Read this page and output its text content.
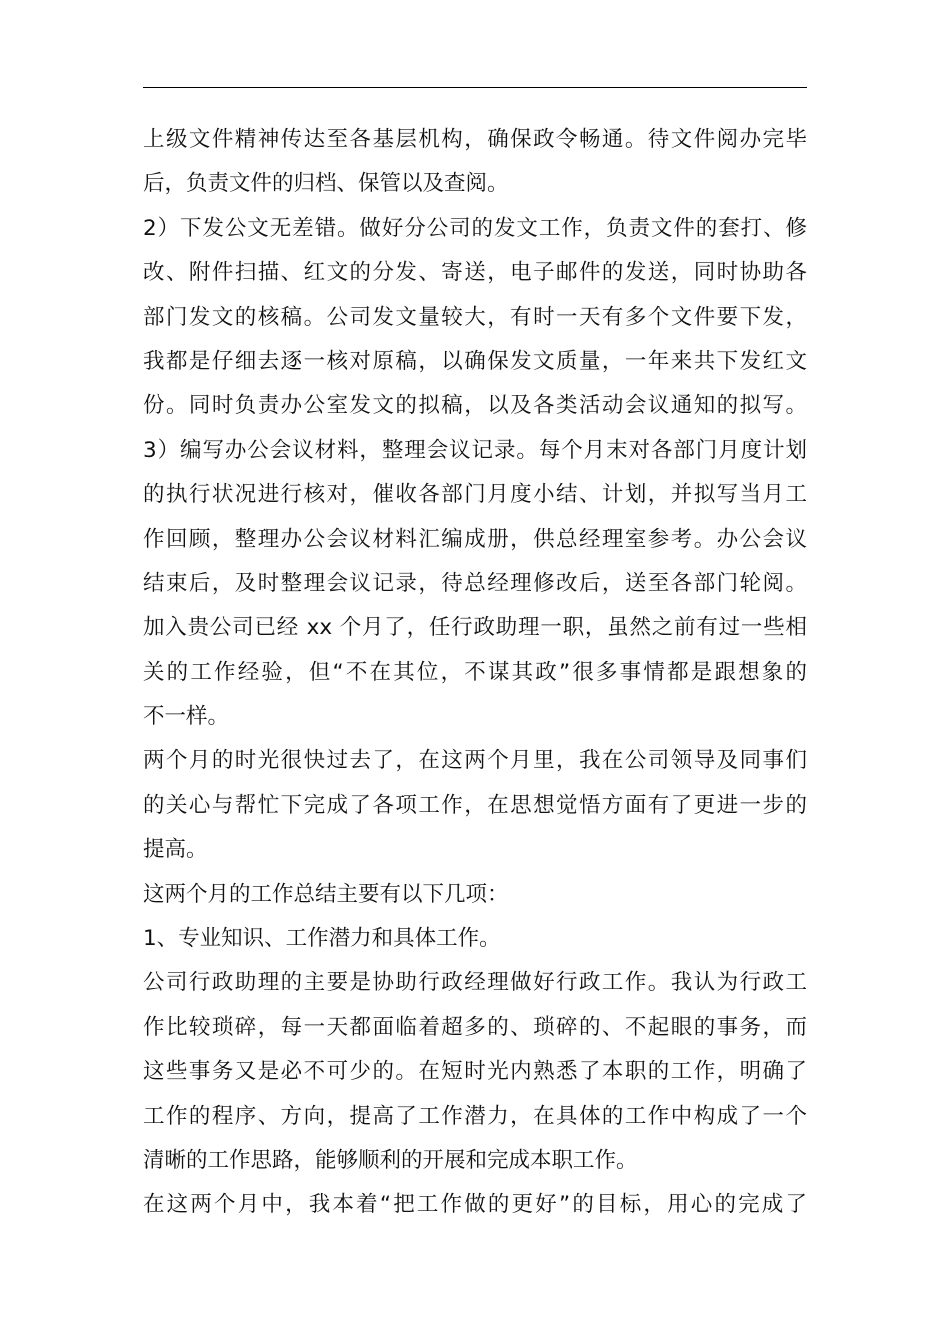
上级文件精神传达至各基层机构，确保政令畅通。待文件阅办完毕
后，负责文件的归档、保管以及查阅。
2）下发公文无差错。做好分公司的发文工作，负责文件的套打、修
改、附件扫描、红文的分发、寄送，电子邮件的发送，同时协助各
部门发文的核稿。公司发文量较大，有时一天有多个文件要下发，
我都是仔细去逐一核对原稿，以确保发文质量，一年来共下发红文
份。同时负责办公室发文的拟稿，以及各类活动会议通知的拟写。
3）编写办公会议材料，整理会议记录。每个月末对各部门月度计划
的执行状况进行核对，催收各部门月度小结、计划，并拟写当月工
作回顾，整理办公会议材料汇编成册，供总经理室参考。办公会议
结束后，及时整理会议记录，待总经理修改后，送至各部门轮阅。
加入贵公司已经 xx 个月了，任行政助理一职，虽然之前有过一些相
关的工作经验，但“不在其位，不谋其政”很多事情都是跟想象的
不一样。
两个月的时光很快过去了，在这两个月里，我在公司领导及同事们
的关心与帮忙下完成了各项工作，在思想觉悟方面有了更进一步的
提高。
这两个月的工作总结主要有以下几项：
1、专业知识、工作潜力和具体工作。
公司行政助理的主要是协助行政经理做好行政工作。我认为行政工
作比较琐碎，每一天都面临着超多的、琐碎的、不起眼的事务，而
这些事务又是必不可少的。在短时光内熟悉了本职的工作，明确了
工作的程序、方向，提高了工作潜力，在具体的工作中构成了一个
清晰的工作思路，能够顺利的开展和完成本职工作。
在这两个月中，我本着“把工作做的更好”的目标，用心的完成了
